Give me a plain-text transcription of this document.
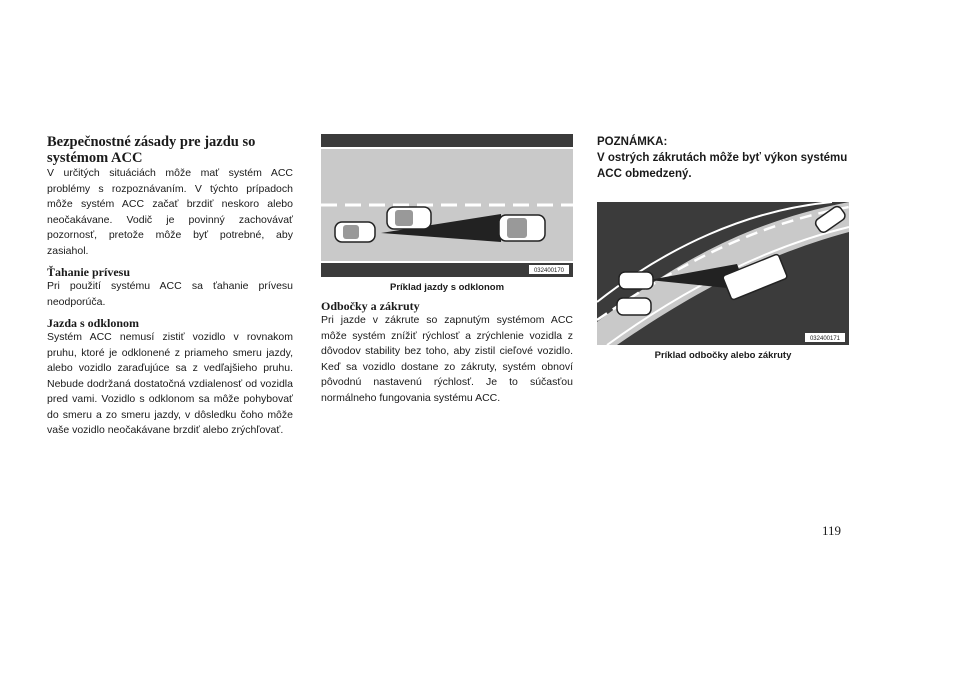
Bezpečnostné zásady pre jazdu so systémom ACC

V určitých situáciách môže mať systém ACC problémy s rozpoznávaním. V týchto prípadoch môže systém ACC začať brzdiť neskoro alebo neočakávane. Vodič je povinný zachovávať pozornosť, pretože môže byť potrebné, aby zasiahol.

Ťahanie prívesu

Pri použití systému ACC sa ťahanie prívesu neodporúča.

Jazda s odklonom

Systém ACC nemusí zistiť vozidlo v rovnakom pruhu, ktoré je odklonené z priameho smeru jazdy, alebo vozidlo zaraďujúce sa z vedľajšieho pruhu. Nebude dodržaná dostatočná vzdialenosť od vozidla pred vami. Vozidlo s odklonom sa môže pohybovať do smeru a zo smeru jazdy, v dôsledku čoho môže vaše vozidlo neočakávane brzdiť alebo zrýchľovať.

032400170
Príklad jazdy s odklonom
Odbočky a zákruty

Pri jazde v zákrute so zapnutým systémom ACC môže systém znížiť rýchlosť a zrýchlenie vozidla z dôvodov stability bez toho, aby zistil cieľové vozidlo. Keď sa vozidlo dostane zo zákruty, systém obnoví pôvodnú nastavenú rýchlosť. Je to súčasťou normálneho fungovania systému ACC.

POZNÁMKA:
V ostrých zákrutách môže byť výkon systému ACC obmedzený.
032400171
Príklad odbočky alebo zákruty
119
